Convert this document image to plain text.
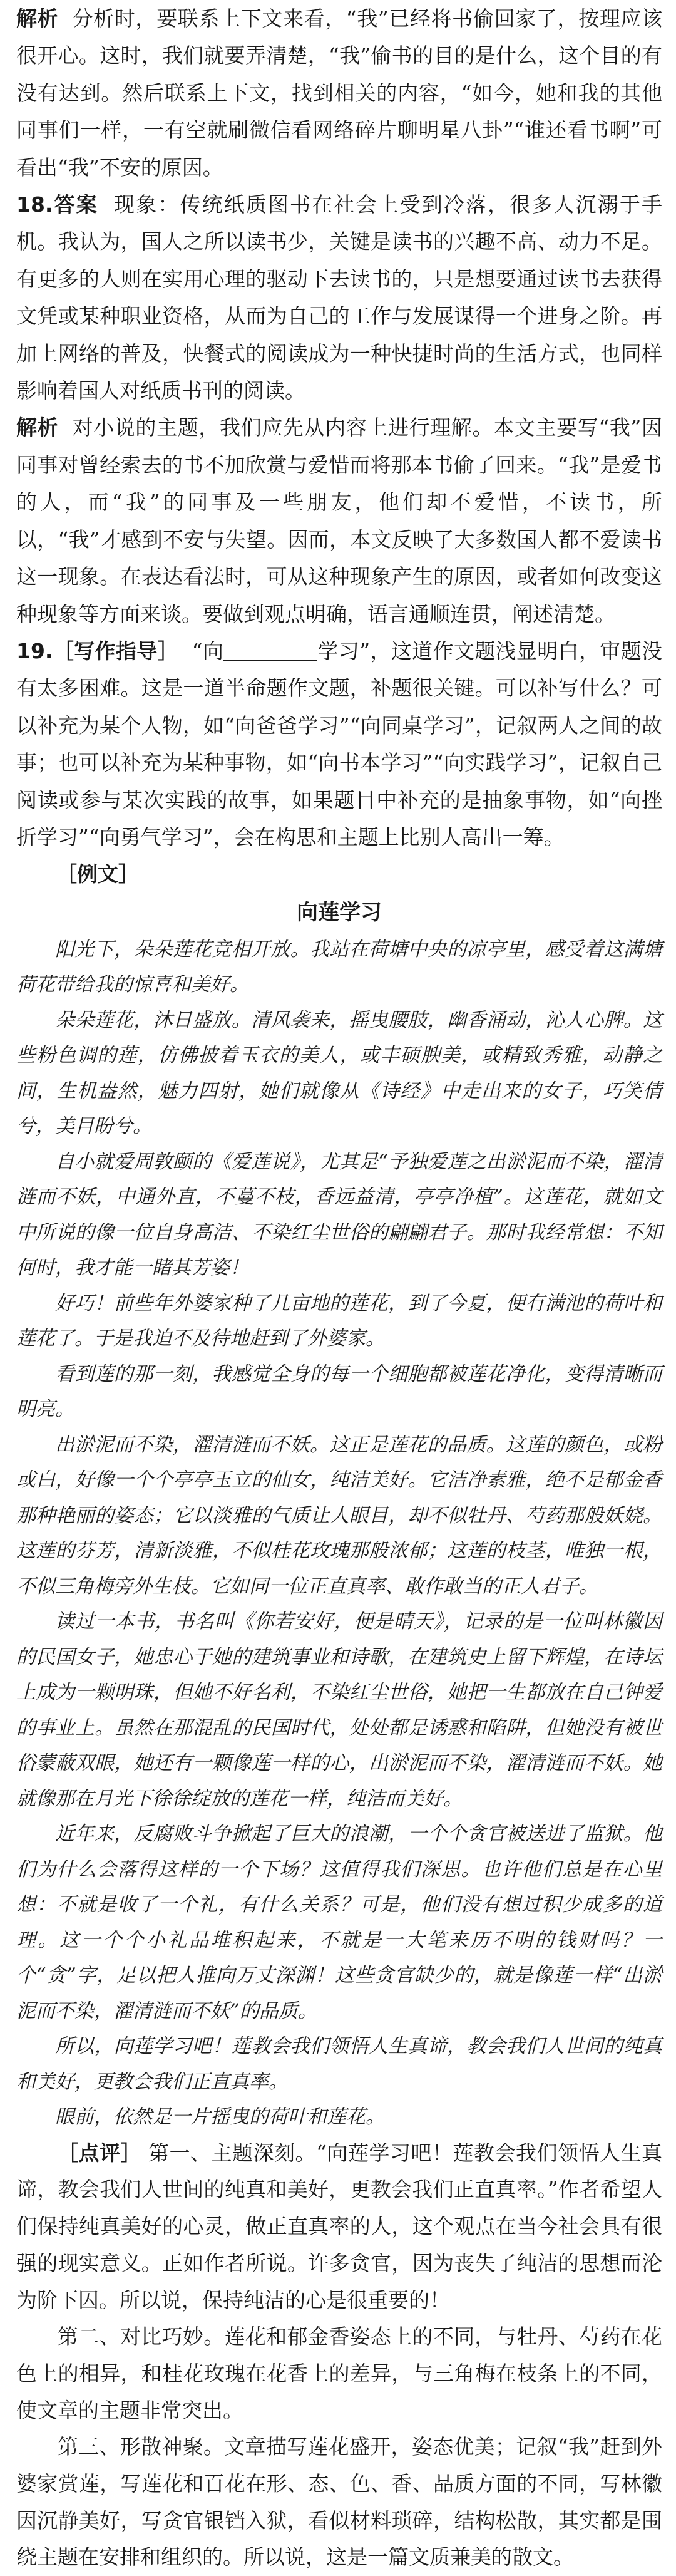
解析 分析时，要联系上下文来看，“我”已经将书偷回家了，按理应该很开心。这时，我们就要弄清楚，“我”偷书的目的是什么，这个目的有没有达到。然后联系上下文，找到相关的内容，“如今，她和我的其他同事们一样，一有空就刷微信看网络碎片聊明星八卦”“谁还看书啊”可看出“我”不安的原因。

18.答案 现象：传统纸质图书在社会上受到冷落，很多人沉溺于手机。我认为，国人之所以读书少，关键是读书的兴趣不高、动力不足。有更多的人则在实用心理的驱动下去读书的，只是想要通过读书去获得文凭或某种职业资格，从而为自己的工作与发展谋得一个进身之阶。再加上网络的普及，快餐式的阅读成为一种快捷时尚的生活方式，也同样影响着国人对纸质书刊的阅读。

解析 对小说的主题，我们应先从内容上进行理解。本文主要写“我”因同事对曾经索去的书不加欣赏与爱惜而将那本书偷了回来。“我”是爱书的人，而“我”的同事及一些朋友，他们却不爱惜，不读书，所以，“我”才感到不安与失望。因而，本文反映了大多数国人都不爱读书这一现象。在表达看法时，可从这种现象产生的原因，或者如何改变这种现象等方面来谈。要做到观点明确，语言通顺连贯，阐述清楚。

19.［写作指导］ “向	学习”，这道作文题浅显明白，审题没有太多困难。这是一道半命题作文题，补题很关键。可以补写什么？可以补充为某个人物，如“向爸爸学习”“向同桌学习”，记叙两人之间的故事；也可以补充为某种事物，如“向书本学习”“向实践学习”，记叙自己阅读或参与某次实践的故事，如果题目中补充的是抽象事物，如“向挫折学习”“向勇气学习”，会在构思和主题上比别人高出一筹。

［例文］

向莲学习

阳光下，朵朵莲花竞相开放。我站在荷塘中央的凉亭里，感受着这满塘荷花带给我的惊喜和美好。

朵朵莲花，沐日盛放。清风袭来，摇曳腰肢，幽香涌动，沁人心脾。这些粉色调的莲，仿佛披着玉衣的美人，或丰硕腴美，或精致秀雅，动静之间，生机盎然，魅力四射，她们就像从《诗经》中走出来的女子，巧笑倩兮，美目盼兮。

自小就爱周敦颐的《爱莲说》，尤其是“予独爱莲之出淤泥而不染，濯清涟而不妖，中通外直，不蔓不枝，香远益清，亭亭净植”。这莲花，就如文中所说的像一位自身高洁、不染红尘世俗的翩翩君子。那时我经常想：不知何时，我才能一睹其芳姿！

好巧！前些年外婆家种了几亩地的莲花，到了今夏，便有满池的荷叶和莲花了。于是我迫不及待地赶到了外婆家。

看到莲的那一刻，我感觉全身的每一个细胞都被莲花净化，变得清晰而明亮。

出淤泥而不染，濯清涟而不妖。这正是莲花的品质。这莲的颜色，或粉或白，好像一个个亭亭玉立的仙女，纯洁美好。它洁净素雅，绝不是郁金香那种艳丽的姿态；它以淡雅的气质让人眼目，却不似牡丹、芍药那般妖娆。这莲的芬芳，清新淡雅，不似桂花玫瑰那般浓郁；这莲的枝茎，唯独一根，不似三角梅旁外生枝。它如同一位正直真率、敢作敢当的正人君子。

读过一本书，书名叫《你若安好，便是晴天》，记录的是一位叫林徽因的民国女子，她忠心于她的建筑事业和诗歌，在建筑史上留下辉煌，在诗坛上成为一颗明珠，但她不好名利，不染红尘世俗，她把一生都放在自己钟爱的事业上。虽然在那混乱的民国时代，处处都是诱惑和陷阱，但她没有被世俗蒙蔽双眼，她还有一颗像莲一样的心，出淤泥而不染，濯清涟而不妖。她就像那在月光下徐徐绽放的莲花一样，纯洁而美好。

近年来，反腐败斗争掀起了巨大的浪潮，一个个贪官被送进了监狱。他们为什么会落得这样的一个下场？这值得我们深思。也许他们总是在心里想：不就是收了一个礼，有什么关系？可是，他们没有想过积少成多的道理。这一个个小礼品堆积起来，不就是一大笔来历不明的钱财吗？一个“贪”字，足以把人推向万丈深渊！这些贪官缺少的，就是像莲一样“出淤泥而不染，濯清涟而不妖”的品质。

所以，向莲学习吧！莲教会我们领悟人生真谛，教会我们人世间的纯真和美好，更教会我们正直真率。

眼前，依然是一片摇曳的荷叶和莲花。

［点评］ 第一、主题深刻。“向莲学习吧！莲教会我们领悟人生真谛，教会我们人世间的纯真和美好，更教会我们正直真率。”作者希望人们保持纯真美好的心灵，做正直真率的人，这个观点在当今社会具有很强的现实意义。正如作者所说。许多贪官，因为丧失了纯洁的思想而沦为阶下囚。所以说，保持纯洁的心是很重要的！

第二、对比巧妙。莲花和郁金香姿态上的不同，与牡丹、芍药在花色上的相异，和桂花玫瑰在花香上的差异，与三角梅在枝条上的不同，使文章的主题非常突出。

第三、形散神聚。文章描写莲花盛开，姿态优美；记叙“我”赶到外婆家赏莲，写莲花和百花在形、态、色、香、品质方面的不同，写林徽因沉静美好，写贪官银铛入狱，看似材料琐碎，结构松散，其实都是围绕主题在安排和组织的。所以说，这是一篇文质兼美的散文。
